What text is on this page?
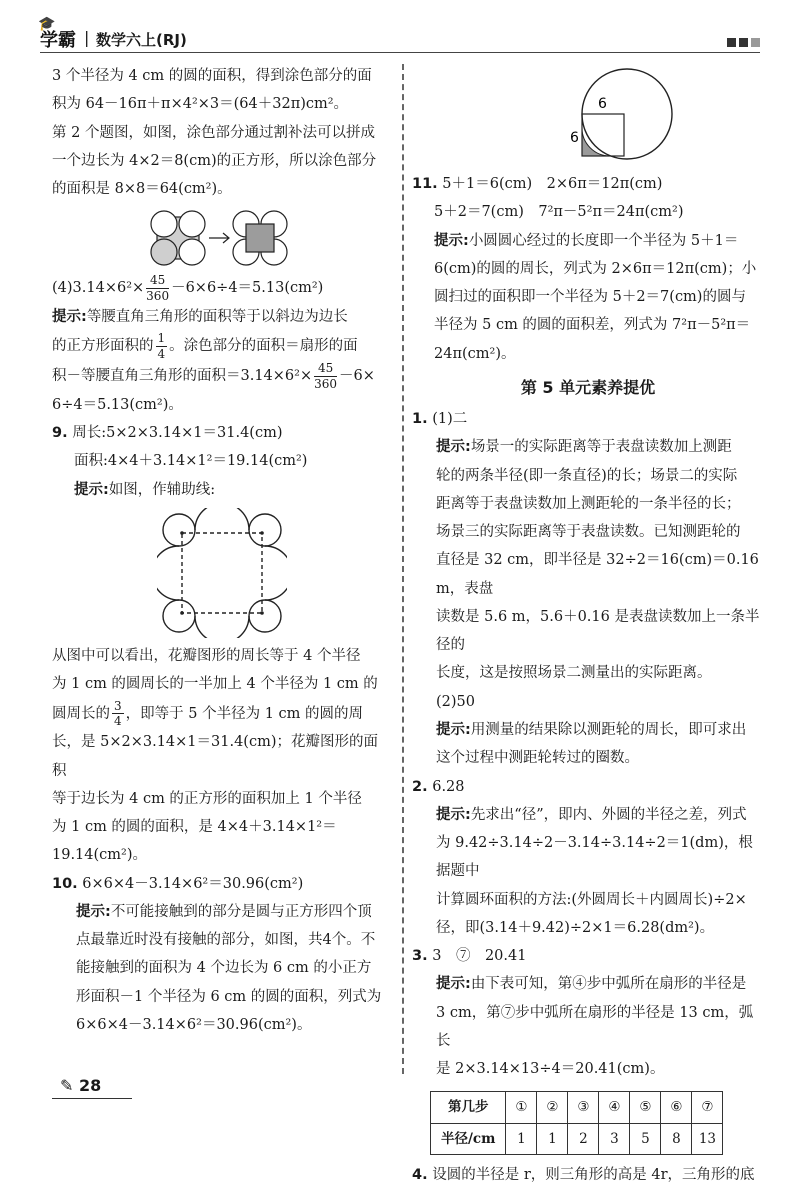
🎓
学霸 | 数学六上(RJ)

3 个半径为 4 cm 的圆的面积，得到涂色部分的面

积为 64－16π＋π×4²×3＝(64＋32π)cm²。

第 2 个题图，如图，涂色部分通过割补法可以拼成

一个边长为 4×2＝8(cm)的正方形，所以涂色部分

的面积是 8×8＝64(cm²)。

$(4)3.14\times 6^2\times \frac{45}{360} -6\times 6\div 4=5.13(cm^2)$

提示:等腰直角三角形的面积等于以斜边为边长

的正方形面积的 $\frac{1}{4}$ 。涂色部分的面积＝扇形的面

积－等腰直角三角形的面积$=3.14\times 6^2\times \frac{45}{360} -6\times$

6÷4＝5.13(cm²)。

9. 周长:5×2×3.14×1＝31.4(cm)

面积:4×4＋3.14×1²＝19.14(cm²)

提示:如图，作辅助线:

从图中可以看出，花瓣图形的周长等于 4 个半径

为 1 cm 的圆周长的一半加上 4 个半径为 1 cm 的

圆周长的 $\frac{3}{4}$ ，即等于 5 个半径为 1 cm 的圆的周

长，是 5×2×3.14×1＝31.4(cm)；花瓣图形的面积

等于边长为 4 cm 的正方形的面积加上 1 个半径

为 1 cm 的圆的面积，是 4×4＋3.14×1²＝

19.14(cm²)。

10. 6×6×4－3.14×6²＝30.96(cm²)

提示:不可能接触到的部分是圆与正方形四个顶

点最靠近时没有接触的部分，如图，共4个。不

能接触到的面积为 4 个边长为 6 cm 的小正方

形面积－1 个半径为 6 cm 的圆的面积，列式为

6×6×4－3.14×6²＝30.96(cm²)。

6
6

11. 5＋1＝6(cm)　2×6π＝12π(cm)

5＋2＝7(cm)　7²π－5²π＝24π(cm²)

提示:小圆圆心经过的长度即一个半径为 5＋1＝

6(cm)的圆的周长，列式为 2×6π＝12π(cm)；小

圆扫过的面积即一个半径为 5＋2＝7(cm)的圆与

半径为 5 cm 的圆的面积差，列式为 7²π－5²π＝

24π(cm²)。

第 5 单元素养提优

1. (1)二

提示:场景一的实际距离等于表盘读数加上测距

轮的两条半径(即一条直径)的长；场景二的实际

距离等于表盘读数加上测距轮的一条半径的长；

场景三的实际距离等于表盘读数。已知测距轮的

直径是 32 cm，即半径是 32÷2＝16(cm)＝0.16 m，表盘

读数是 5.6 m，5.6＋0.16 是表盘读数加上一条半径的

长度，这是按照场景二测量出的实际距离。

(2)50

提示:用测量的结果除以测距轮的周长，即可求出

这个过程中测距轮转过的圈数。

2. 6.28

提示:先求出“径”，即内、外圆的半径之差，列式

为 9.42÷3.14÷2－3.14÷3.14÷2＝1(dm)，根据题中

计算圆环面积的方法:(外圆周长＋内圆周长)÷2×

径，即(3.14＋9.42)÷2×1＝6.28(dm²)。

3. 3　⑦　20.41

提示:由下表可知，第④步中弧所在扇形的半径是

3 cm，第⑦步中弧所在扇形的半径是 13 cm，弧长

是 2×3.14×13÷4＝20.41(cm)。

第几步	①	②	③	④	⑤	⑥	⑦
半径/cm	1	1	2	3	5	8	13

4. 设圆的半径是 r，则三角形的高是 4r，三角形的底

✎ 28
